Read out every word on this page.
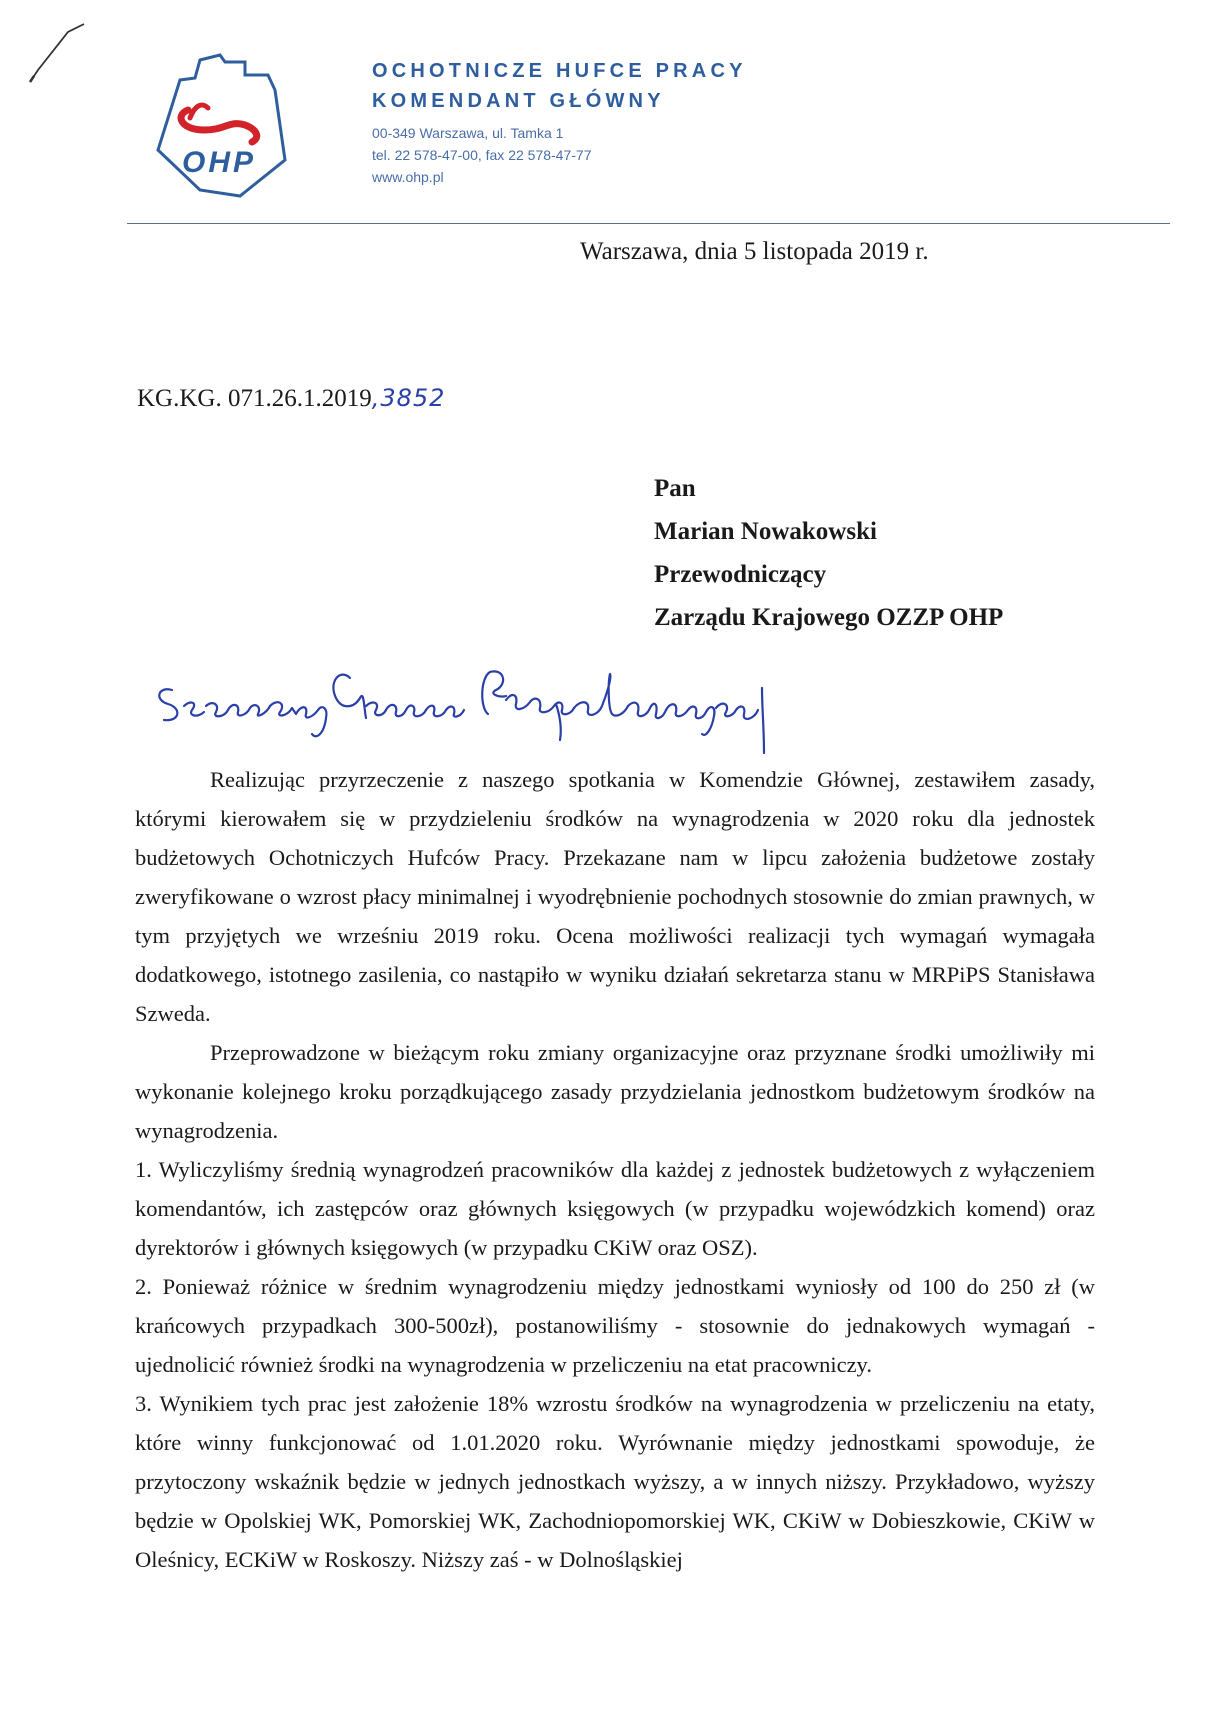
OHP
OCHOTNICZE HUFCE PRACY
KOMENDANT GŁÓWNY
00-349 Warszawa, ul. Tamka 1
tel. 22 578-47-00, fax 22 578-47-77
www.ohp.pl
Warszawa, dnia 5 listopada 2019 r.
KG.KG. 071.26.1.2019,3852
Pan
Marian Nowakowski
Przewodniczący
Zarządu Krajowego OZZP OHP

Realizując przyrzeczenie z naszego spotkania w Komendzie Głównej, zestawiłem zasady, którymi kierowałem się w przydzieleniu środków na wynagrodzenia w 2020 roku dla jednostek budżetowych Ochotniczych Hufców Pracy. Przekazane nam w lipcu założenia budżetowe zostały zweryfikowane o wzrost płacy minimalnej i wyodrębnienie pochodnych stosownie do zmian prawnych, w tym przyjętych we wrześniu 2019 roku. Ocena możliwości realizacji tych wymagań wymagała dodatkowego, istotnego zasilenia, co nastąpiło w wyniku działań sekretarza stanu w MRPiPS Stanisława Szweda.

Przeprowadzone w bieżącym roku zmiany organizacyjne oraz przyznane środki umożliwiły mi wykonanie kolejnego kroku porządkującego zasady przydzielania jednostkom budżetowym środków na wynagrodzenia.

1. Wyliczyliśmy średnią wynagrodzeń pracowników dla każdej z jednostek budżetowych z wyłączeniem komendantów, ich zastępców oraz głównych księgowych (w przypadku wojewódzkich komend) oraz dyrektorów i głównych księgowych (w przypadku CKiW oraz OSZ).

2. Ponieważ różnice w średnim wynagrodzeniu między jednostkami wyniosły od 100 do 250 zł (w krańcowych przypadkach 300-500zł), postanowiliśmy - stosownie do jednakowych wymagań - ujednolicić również środki na wynagrodzenia w przeliczeniu na etat pracowniczy.

3. Wynikiem tych prac jest założenie 18% wzrostu środków na wynagrodzenia w przeliczeniu na etaty, które winny funkcjonować od 1.01.2020 roku. Wyrównanie między jednostkami spowoduje, że przytoczony wskaźnik będzie w jednych jednostkach wyższy, a w innych niższy. Przykładowo, wyższy będzie w Opolskiej WK, Pomorskiej WK, Zachodniopomorskiej WK, CKiW w Dobieszkowie, CKiW w Oleśnicy, ECKiW w Roskoszy. Niższy zaś - w Dolnośląskiej
